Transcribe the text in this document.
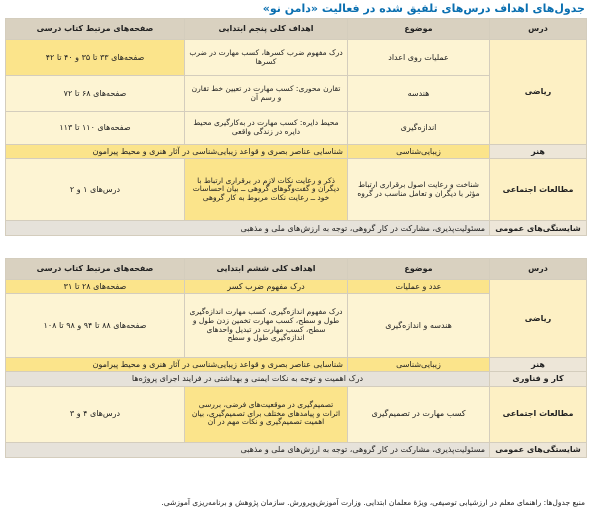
جدول‌های اهداف درس‌های تلفیق شده در فعالیت «دامن نو»
درس	موضوع	اهداف کلی پنجم ابتدایی	صفحه‌های مرتبط کتاب درسی
ریاضی	عملیات روی اعداد	درک مفهوم ضرب کسرها، کسب مهارت در ضرب کسرها	صفحه‌های ۳۳ تا ۳۵ و ۴۰ تا ۴۲
	هندسه	تقارن محوری: کسب مهارت در تعیین خط تقارن و رسم آن	صفحه‌های ۶۸ تا ۷۲
	اندازه‌گیری	محیط دایره: کسب مهارت در به‌کارگیری محیط دایره در زندگی واقعی	صفحه‌های ۱۱۰ تا ۱۱۳
هنر	زیبایی‌شناسی	شناسایی عناصر بصری و قواعد زیبایی‌شناسی در آثار هنری و محیط پیرامون	
مطالعات اجتماعی	شناخت و رعایت اصول برقراری ارتباط مؤثر با دیگران و تعامل مناسب در گروه	ذکر و رعایت نکات لازم در برقراری ارتباط با دیگران و گفت‌وگوهای گروهی ــ بیان احساسات خود ــ رعایت نکات مربوط به کار گروهی	درس‌های ۱ و ۲
شایستگی‌های عمومی	مسئولیت‌پذیری، مشارکت در کار گروهی، توجه به ارزش‌های ملی و مذهبی		
درس	موضوع	اهداف کلی ششم ابتدایی	صفحه‌های مرتبط کتاب درسی
ریاضی	عدد و عملیات	درک مفهوم ضرب کسر	صفحه‌های ۲۸ تا ۳۱
	هندسه و اندازه‌گیری	درک مفهوم اندازه‌گیری، کسب مهارت اندازه‌گیری طول و سطح، کسب مهارت تخمین زدن طول و سطح، کسب مهارت در تبدیل واحدهای اندازه‌گیری طول و سطح	صفحه‌های ۸۸ تا ۹۴ و ۹۸ تا ۱۰۸
هنر	زیبایی‌شناسی	شناسایی عناصر بصری و قواعد زیبایی‌شناسی در آثار هنری و محیط پیرامون	
کار و فناوری	درک اهمیت و توجه به نکات ایمنی و بهداشتی در فرایند اجرای پروژه‌ها		
مطالعات اجتماعی	کسب مهارت در تصمیم‌گیری	تصمیم‌گیری در موقعیت‌های فرضی، بررسی اثرات و پیامدهای مختلف برای تصمیم‌گیری، بیان اهمیت تصمیم‌گیری و نکات مهم در آن	درس‌های ۴ و ۳
شایستگی‌های عمومی	مسئولیت‌پذیری، مشارکت در کار گروهی، توجه به ارزش‌های ملی و مذهبی		
منبع جدول‌ها: راهنمای معلم در ارزشیابی توصیفی، ویژهٔ معلمان ابتدایی. وزارت آموزش‌وپرورش. سازمان پژوهش و برنامه‌ریزی آموزشی.
